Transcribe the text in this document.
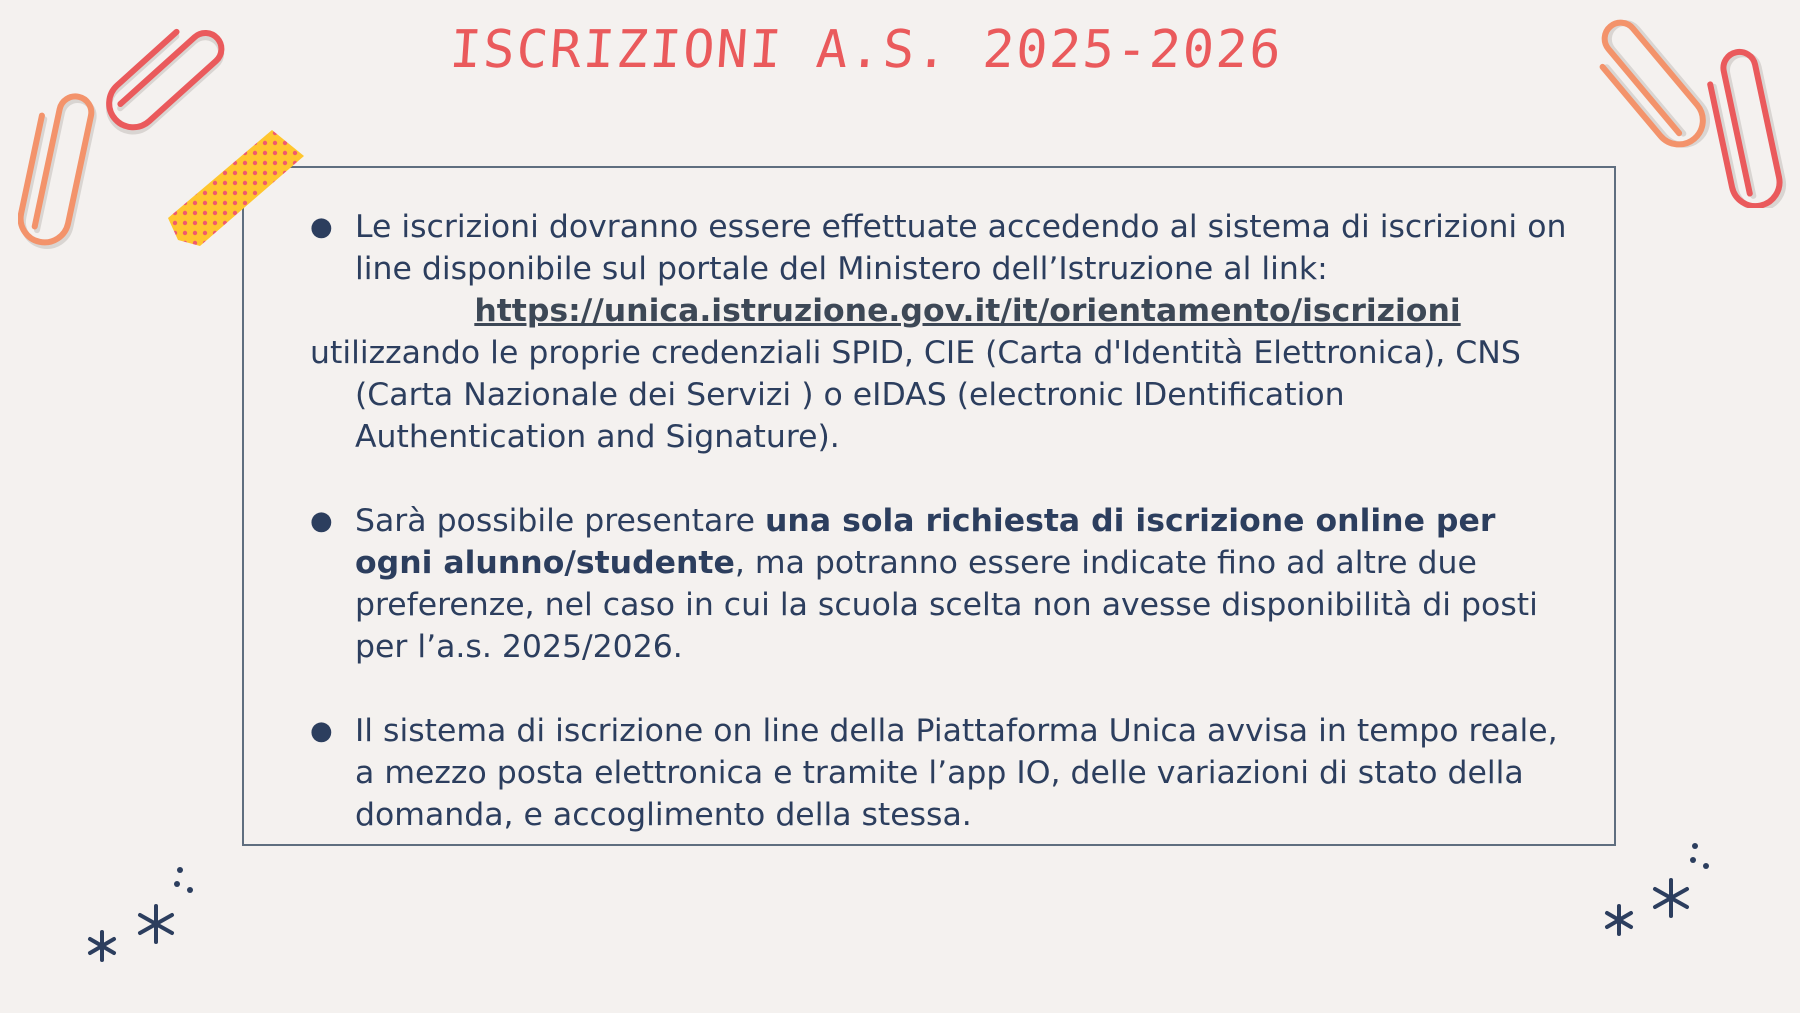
ISCRIZIONI A.S. 2025-2026
● Le iscrizioni dovranno essere effettuate accedendo al sistema di iscrizioni on line disponibile sul portale del Ministero dell’Istruzione al link:
https://unica.istruzione.gov.it/it/orientamento/iscrizioni
utilizzando le proprie credenziali SPID, CIE (Carta d'Identità Elettronica), CNS
(Carta Nazionale dei Servizi ) o eIDAS (electronic IDentification Authentication and Signature).
● Sarà possibile presentare una sola richiesta di iscrizione online per ogni alunno/studente, ma potranno essere indicate fino ad altre due preferenze, nel caso in cui la scuola scelta non avesse disponibilità di posti per l’a.s. 2025/2026.
● Il sistema di iscrizione on line della Piattaforma Unica avvisa in tempo reale, a mezzo posta elettronica e tramite l’app IO, delle variazioni di stato della domanda, e accoglimento della stessa.
